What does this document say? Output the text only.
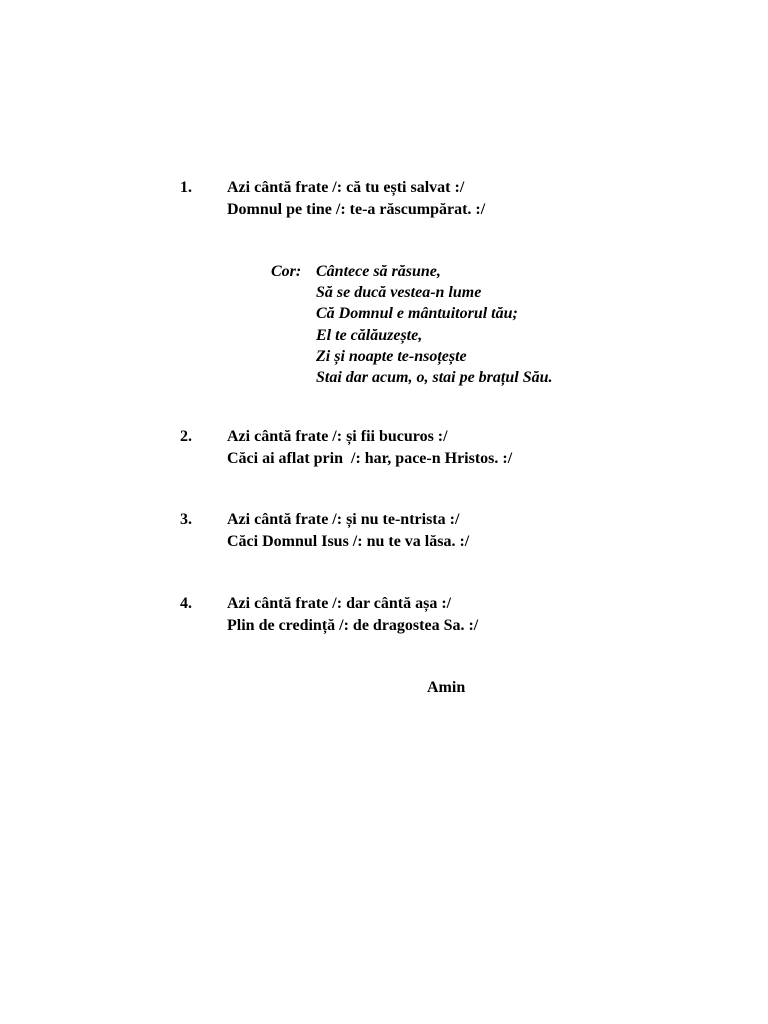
1.	Azi cântă frate /: că tu ești salvat :/
Domnul pe tine /: te-a răscumpărat. :/
Cor: Cântece să răsune,
Să se ducă vestea-n lume
Că Domnul e mântuitorul tău;
El te călăuzește,
Zi și noapte te-nsoțește
Stai dar acum, o, stai pe brațul Său.
2.	Azi cântă frate /: și fii bucuros :/
Căci ai aflat prin  /: har, pace-n Hristos. :/
3.	Azi cântă frate /: și nu te-ntrista :/
Căci Domnul Isus /: nu te va lăsa. :/
4.	Azi cântă frate /: dar cântă așa :/
Plin de credință /: de dragostea Sa. :/
Amin
